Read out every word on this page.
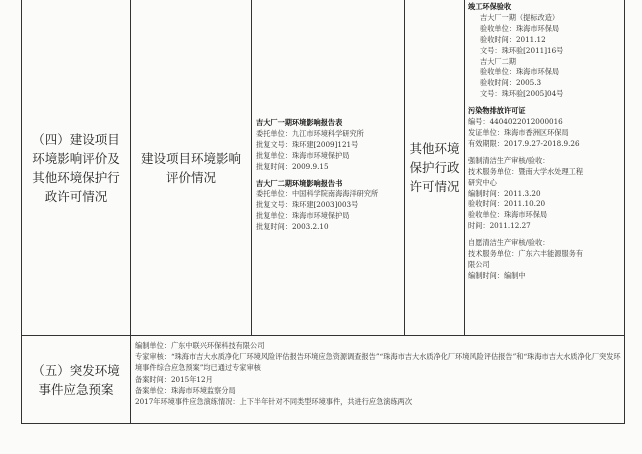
（四）建设项目环境影响评价及其他环境保护行政许可情况
建设项目环境影响评价情况
吉大厂一期环境影响报告表
委托单位：九江市环境科学研究所
批复文号：珠环建[2009]121号
批复单位：珠海市环境保护局
批复时间：2009.9.15
吉大厂二期环境影响报告书
委托单位：中国科学院南海海洋研究所
批复文号：珠环建[2003]003号
批复单位：珠海市环境保护局
批复时间：2003.2.10
其他环境保护行政许可情况
竣工环保验收
吉大厂一期（提标改造）
验收单位：珠海市环保局
验收时间：2011.12
文号：珠环验[2011]16号
吉大厂二期
验收单位：珠海市环保局
验收时间：2005.3
文号：珠环验[2005]04号
污染物排放许可证
编号：4404022012000016
发证单位：珠海市香洲区环保局
有效期限：2017.9.27-2018.9.26
强制清洁生产审核/验收：
技术服务单位：暨南大学水处理工程
研究中心
编制时间：2011.3.20
验收时间：2011.10.20
验收单位：珠海市环保局
时间：2011.12.27
自愿清洁生产审核/验收：
技术服务单位：广东六丰能源服务有
限公司
编制时间：编制中
（五）突发环境事件应急预案
编制单位：广东中联兴环保科技有限公司
专家审核：“珠海市吉大水质净化厂环境风险评估报告环境应急资源调查报告”“珠海市吉大水质净化厂环境风险评估报告”和“珠海市吉大水质净化厂突发环境事件综合应急预案”均已通过专家审核
备案时间：2015年12月
备案单位：珠海市环境监察分局
2017年环境事件应急演练情况：上下半年针对不同类型环境事件，共进行应急演练两次
